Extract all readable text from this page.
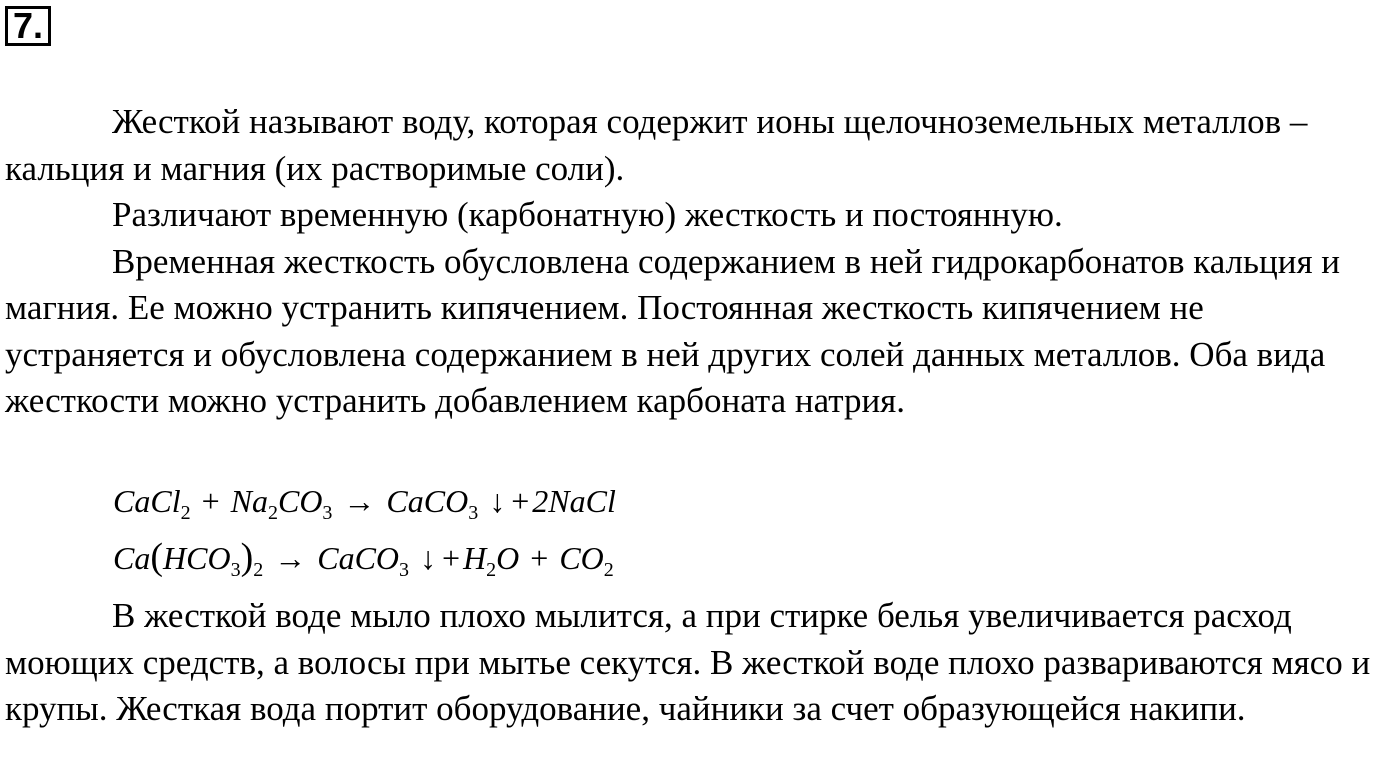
7.

Жесткой называют воду, которая содержит ионы щелочноземельных металлов – кальция и магния (их растворимые соли).

Различают временную (карбонатную) жесткость и постоянную.

Временная жесткость обусловлена содержанием в ней гидрокарбонатов кальция и магния. Ее можно устранить кипячением. Постоянная жесткость кипячением не устраняется и обусловлена содержанием в ней других солей данных металлов. Оба вида жесткости можно устранить добавлением карбоната натрия.

CaCl$_2$ + $Na_2CO_3$ → CaCO$_3$ ↓ +2NaCl
$Ca(HCO_3)_2$ → CaCO$_3$ ↓ $+H_2O + CO_2$

В жесткой воде мыло плохо мылится, а при стирке белья увеличивается расход моющих средств, а волосы при мытье секутся. В жесткой воде плохо развариваются мясо и крупы. Жесткая вода портит оборудование, чайники за счет образующейся накипи.
